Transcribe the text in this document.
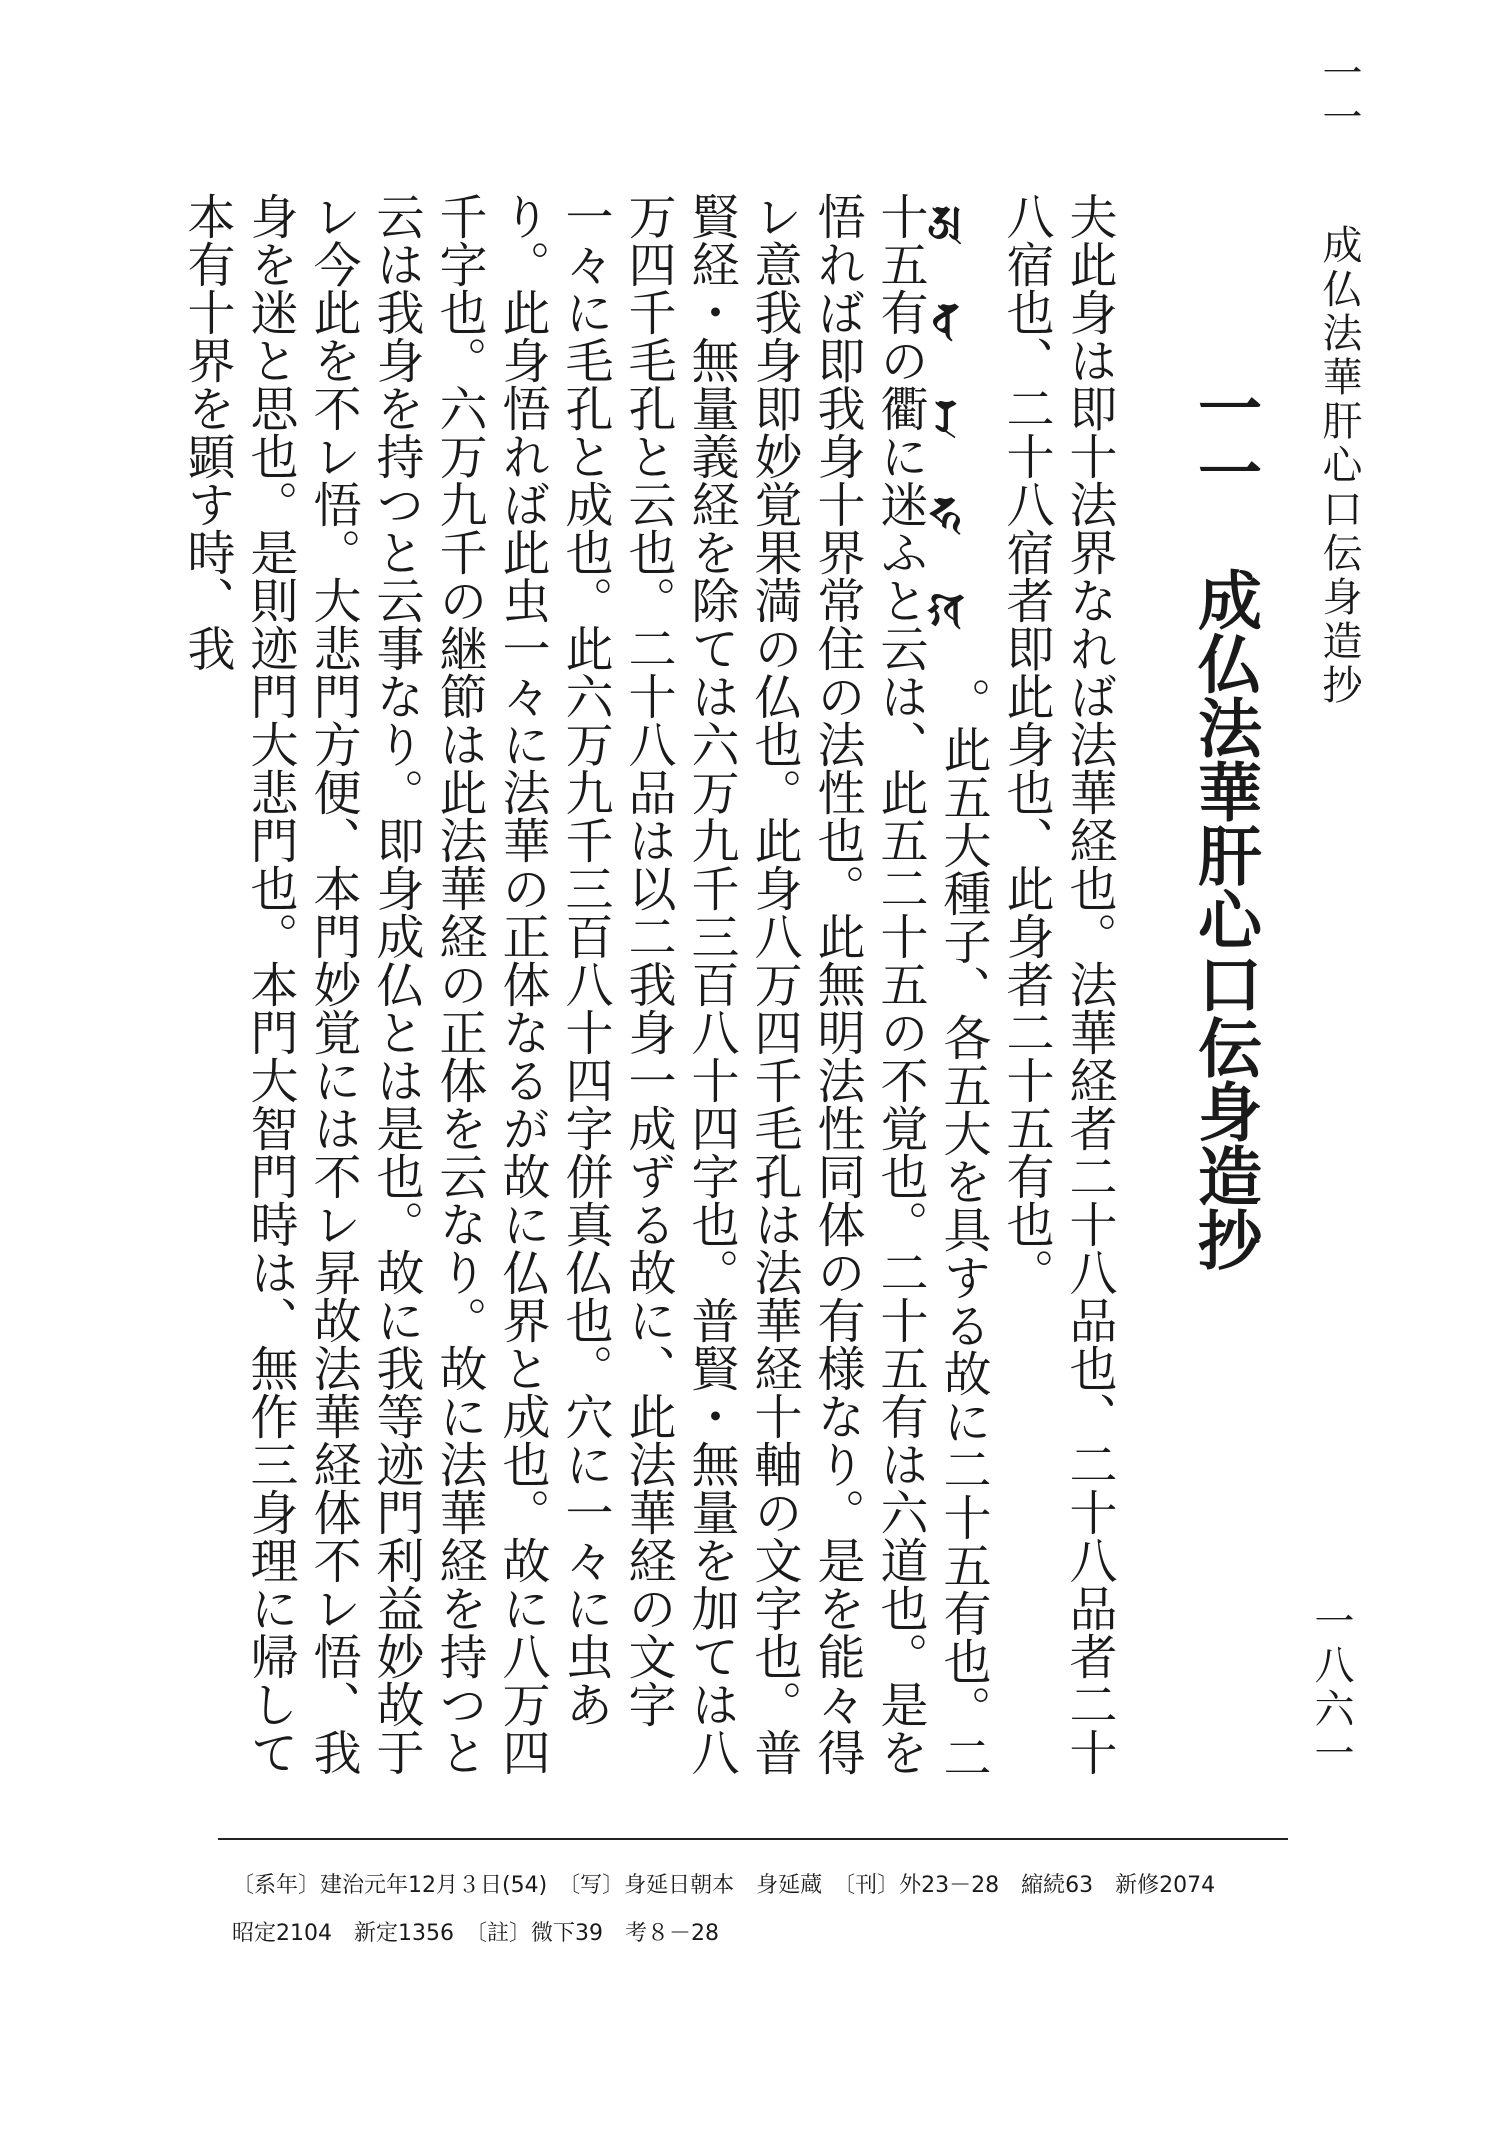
一一　成仏法華肝心口伝身造抄
一八六一
一一　成仏法華肝心口伝身造抄

夫此身は即十法界なれば法華経也。法華経者二十八品也、二十八品者二十八宿也、二十八宿者即此身也、此身者二十五有也。𑖀𑖤𑖨𑖮𑖏。此五大種子、各五大を具する故に二十五有也。二十五有の衢に迷ふと云は、此五二十五の不覚也。二十五有は六道也。是を悟れば即我身十界常住の法性也。此無明法性同体の有様なり。是を能々得レ意我身即妙覚果満の仏也。此身八万四千毛孔は法華経十軸の文字也。普賢経・無量義経を除ては六万九千三百八十四字也。普賢・無量を加ては八万四千毛孔と云也。二十八品は以二我身一成ずる故に、此法華経の文字一々に毛孔と成也。此六万九千三百八十四字併真仏也。穴に一々に虫あり。此身悟れば此虫一々に法華の正体なるが故に仏界と成也。故に八万四千字也。六万九千の継節は此法華経の正体を云なり。故に法華経を持つと云は我身を持つと云事なり。即身成仏とは是也。故に我等迹門利益妙故于レ今此を不レ悟。大悲門方便、本門妙覚には不レ昇故法華経体不レ悟、我身を迷と思也。是則迹門大悲門也。本門大智門時は、無作三身理に帰して本有十界を顕す時、我

〔系年〕建治元年12月３日(54)　〔写〕身延日朝本　身延蔵　〔刊〕外23－28　縮続63　新修2074
昭定2104　新定1356　〔註〕微下39　考８－28
